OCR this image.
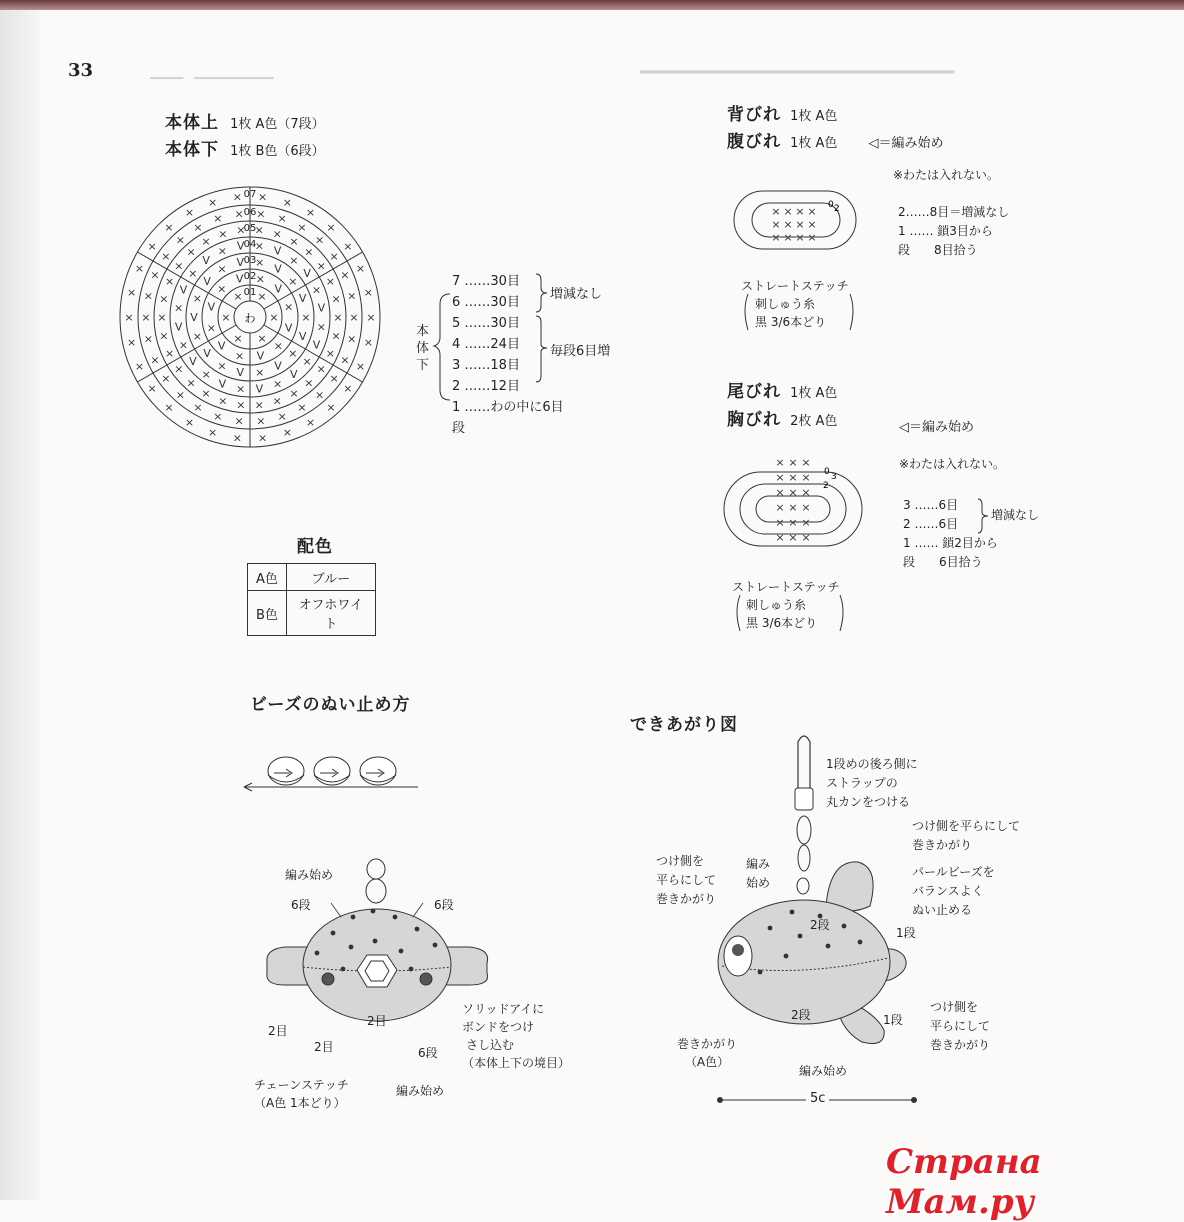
━━━━━　━━━━━━━━━━━━	━━━━━━━━━━━━━━━━━━━━━━━━━━━━━
33
本体上 1枚 A色（7段）
本体下 1枚 B色（6段）
×
×
×
×
×
×
×
V
×
V
×
V
×
V
×
V
×
V
×
V
×
V
×
V
×
V
×
V
×
V
×
V
×
V
×
V
× V
×
V
×
V
×
V
×
V
×
V
×
V
×
V
×
V
×
V
×
V
× V
× ×
×
×
×
×
×
×
×
×
×
×
×
×
×
×
×
×
×
×
×
×
×
×
×
×
×
×
× ×
× ×
×
×
×
×
×
×
×
×
×
×
×
×
×
×
×
×
×
×
×
×
×
×
×
×
×
×
× ×
× ×
×
×
×
×
×
×
×
×
×
×
×
×
×
×
×
×
×
×
×
×
×
×
×
×
×
×
× ×
01
02
03
04
05
06
07
わ
本体下
7 ……30目
6 ……30目
5 ……30目
4 ……24目
3 ……18目
2 ……12目
1 ……わの中に6目
段
増減なし
毎段6目増
配色
A色	ブルー
B色	オフホワイト
ビーズのぬい止め方
編み始め
6段	6段
2目
2目
2目	6段
ソリッドアイに
ボンドをつけ
さし込む
（本体上下の境目）
編み始め
チェーンステッチ
（A色 1本どり）
背びれ 1枚 A色
腹びれ 1枚 A色 ◁＝編み始め
※わたは入れない。
2……8目＝増減なし
1 …… 鎖3目から
段　　8目拾う
× × × ×
× × × ×
× × × ×
0 2
ストレートステッチ
刺しゅう糸
黒 3/6本どり
尾びれ 1枚 A色
胸びれ 2枚 A色	◁＝編み始め
※わたは入れない。
3 ……6目
2 ……6目
1 …… 鎖2目から
段　　6目拾う
増減なし
× × ×
× × ×
× × ×
× × ×
× × ×
× × ×
0 3
2
ストレートステッチ
刺しゅう糸
黒 3/6本どり
できあがり図
1段めの後ろ側に
ストラップの
丸カンをつける
つけ側を平らにして
巻きかがり
つけ側を
平らにして
巻きかがり
編み
始め
パールビーズを
バランスよく
ぬい止める
2段
1段
2段	1段
つけ側を
平らにして
巻きかがり
巻きかがり
（A色）
編み始め
5c
Страна Мам.ру
